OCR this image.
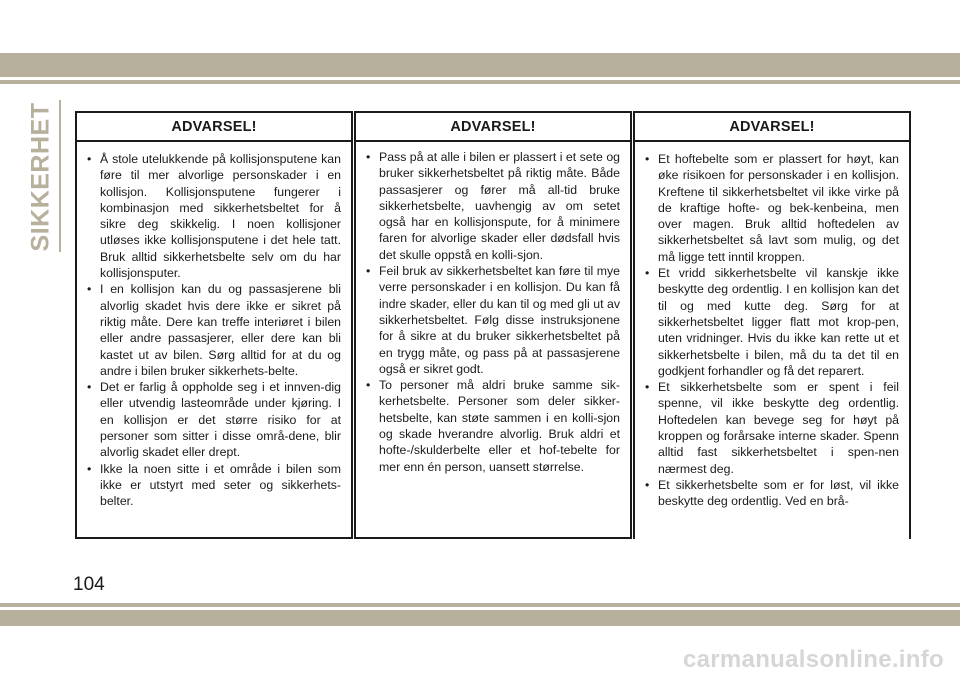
SIKKERHET	ADVARSEL!
• Å stole utelukkende på kollisjonsputene kan føre til mer alvorlige personskader i en kollisjon. Kollisjonsputene fungerer i kombinasjon med sikkerhetsbeltet for å sikre deg skikkelig. I noen kollisjoner utløses ikke kollisjonsputene i det hele tatt. Bruk alltid sikkerhetsbelte selv om du har kollisjonsputer.
• I en kollisjon kan du og passasjerene bli alvorlig skadet hvis dere ikke er sikret på riktig måte. Dere kan treffe interiøret i bilen eller andre passasjerer, eller dere kan bli kastet ut av bilen. Sørg alltid for at du og andre i bilen bruker sikkerhets-belte.
• Det er farlig å oppholde seg i et innven-dig eller utvendig lasteområde under kjøring. I en kollisjon er det større risiko for at personer som sitter i disse områ-dene, blir alvorlig skadet eller drept.
• Ikke la noen sitte i et område i bilen som ikke er utstyrt med seter og sikkerhets-belter.
ADVARSEL!
• Pass på at alle i bilen er plassert i et sete og bruker sikkerhetsbeltet på riktig måte. Både passasjerer og fører må all-tid bruke sikkerhetsbelte, uavhengig av om setet også har en kollisjonspute, for å minimere faren for alvorlige skader eller dødsfall hvis det skulle oppstå en kolli-sjon.
• Feil bruk av sikkerhetsbeltet kan føre til mye verre personskader i en kollisjon. Du kan få indre skader, eller du kan til og med gli ut av sikkerhetsbeltet. Følg disse instruksjonene for å sikre at du bruker sikkerhetsbeltet på en trygg måte, og pass på at passasjerene også er sikret godt.
• To personer må aldri bruke samme sik-kerhetsbelte. Personer som deler sikker-hetsbelte, kan støte sammen i en kolli-sjon og skade hverandre alvorlig. Bruk aldri et hofte-/skulderbelte eller et hof-tebelte for mer enn én person, uansett størrelse.
ADVARSEL!
• Et hoftebelte som er plassert for høyt, kan øke risikoen for personskader i en kollisjon. Kreftene til sikkerhetsbeltet vil ikke virke på de kraftige hofte- og bek-kenbeina, men over magen. Bruk alltid hoftedelen av sikkerhetsbeltet så lavt som mulig, og det må ligge tett inntil kroppen.
• Et vridd sikkerhetsbelte vil kanskje ikke beskytte deg ordentlig. I en kollisjon kan det til og med kutte deg. Sørg for at sikkerhetsbeltet ligger flatt mot krop-pen, uten vridninger. Hvis du ikke kan rette ut et sikkerhetsbelte i bilen, må du ta det til en godkjent forhandler og få det reparert.
• Et sikkerhetsbelte som er spent i feil spenne, vil ikke beskytte deg ordentlig. Hoftedelen kan bevege seg for høyt på kroppen og forårsake interne skader. Spenn alltid fast sikkerhetsbeltet i spen-nen nærmest deg.
• Et sikkerhetsbelte som er for løst, vil ikke beskytte deg ordentlig. Ved en brå-
104
carmanualsonline.info
